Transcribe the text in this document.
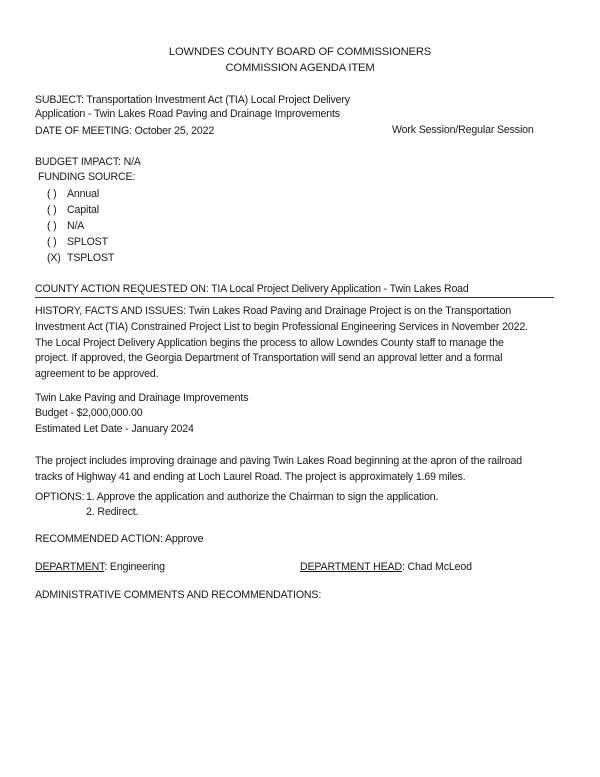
LOWNDES COUNTY BOARD OF COMMISSIONERS
COMMISSION AGENDA ITEM
SUBJECT: Transportation Investment Act (TIA) Local Project Delivery
Application - Twin Lakes Road Paving and Drainage Improvements
DATE OF MEETING: October 25, 2022	Work Session/Regular Session
BUDGET IMPACT: N/A
FUNDING SOURCE:
( ) Annual
( ) Capital
( ) N/A
( ) SPLOST
(X) TSPLOST
COUNTY ACTION REQUESTED ON: TIA Local Project Delivery Application - Twin Lakes Road
HISTORY, FACTS AND ISSUES: Twin Lakes Road Paving and Drainage Project is on the Transportation
Investment Act (TIA) Constrained Project List to begin Professional Engineering Services in November 2022.
The Local Project Delivery Application begins the process to allow Lowndes County staff to manage the
project. If approved, the Georgia Department of Transportation will send an approval letter and a formal
agreement to be approved.
Twin Lake Paving and Drainage Improvements
Budget - $2,000,000.00
Estimated Let Date - January 2024
The project includes improving drainage and paving Twin Lakes Road beginning at the apron of the railroad
tracks of Highway 41 and ending at Loch Laurel Road. The project is approximately 1.69 miles.
OPTIONS: 1. Approve the application and authorize the Chairman to sign the application.
2. Redirect.
RECOMMENDED ACTION: Approve
DEPARTMENT: Engineering	DEPARTMENT HEAD: Chad McLeod
ADMINISTRATIVE COMMENTS AND RECOMMENDATIONS:
